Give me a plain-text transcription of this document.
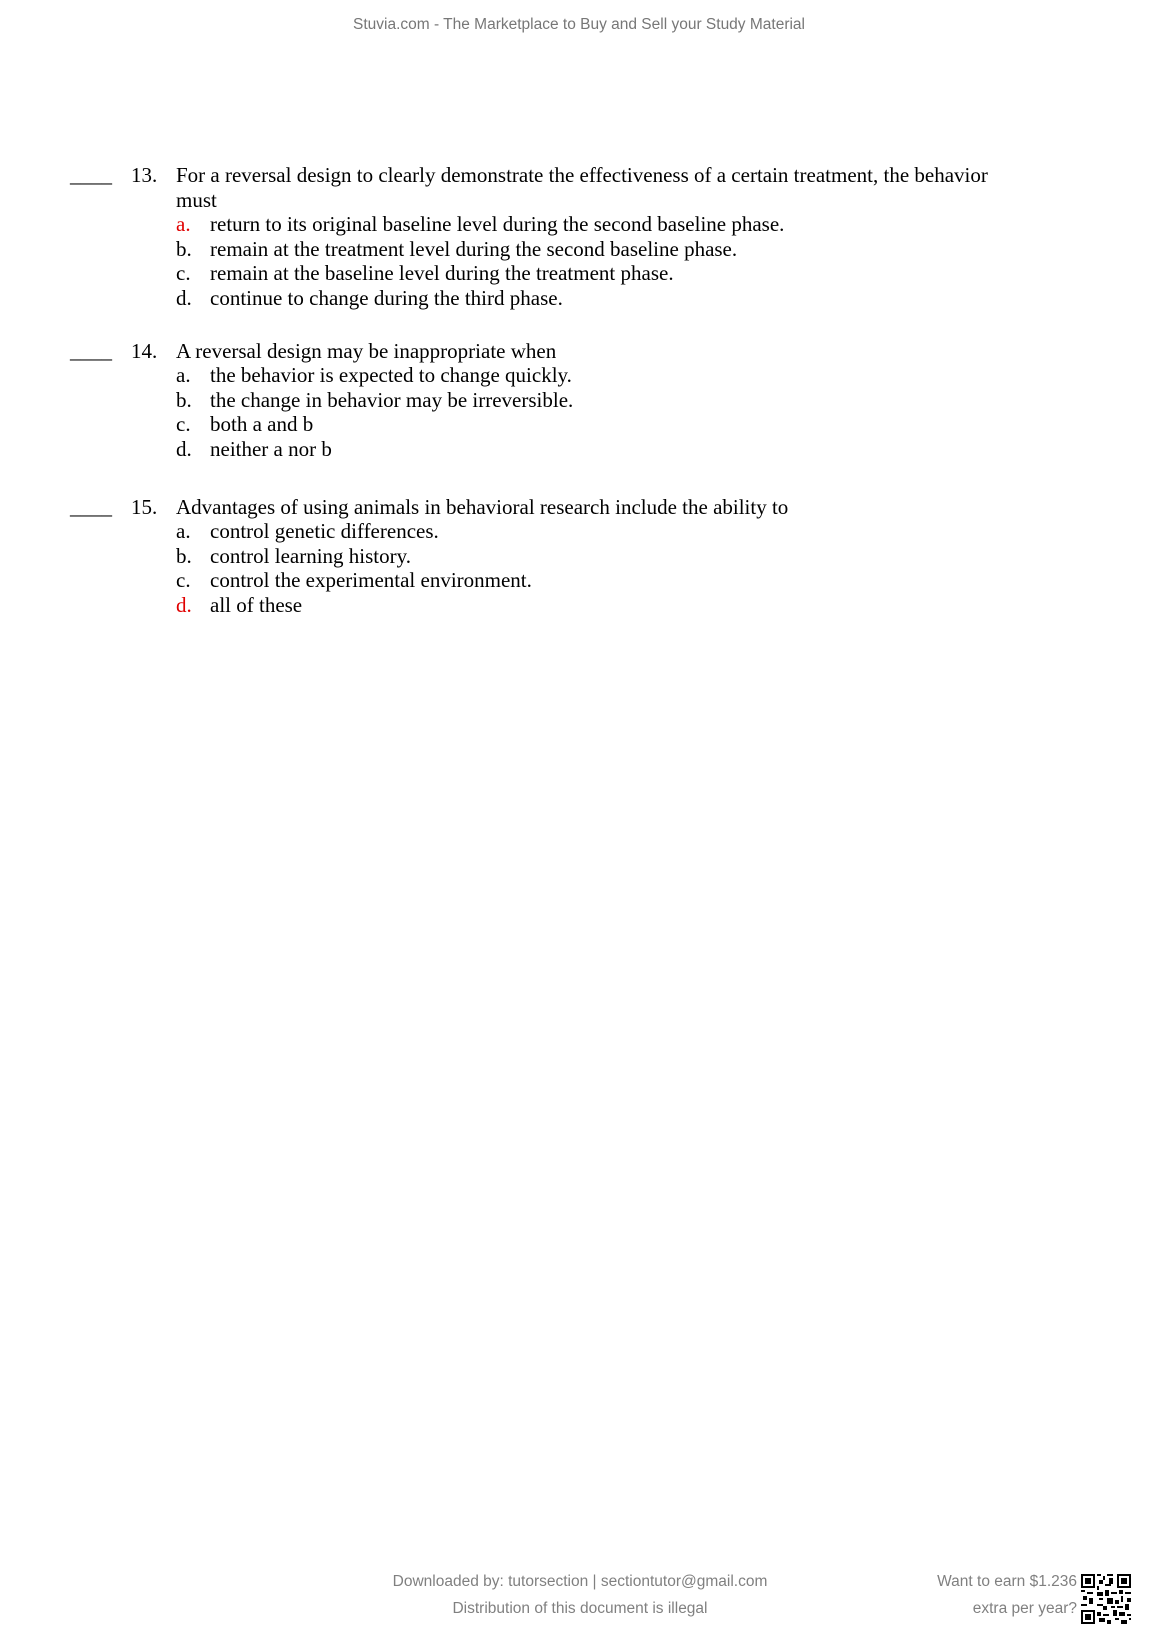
Stuvia.com - The Marketplace to Buy and Sell your Study Material
____ 13. For a reversal design to clearly demonstrate the effectiveness of a certain treatment, the behavior must
a. return to its original baseline level during the second baseline phase.
b. remain at the treatment level during the second baseline phase.
c. remain at the baseline level during the treatment phase.
d. continue to change during the third phase.
____ 14. A reversal design may be inappropriate when
a. the behavior is expected to change quickly.
b. the change in behavior may be irreversible.
c. both a and b
d. neither a nor b
____ 15. Advantages of using animals in behavioral research include the ability to
a. control genetic differences.
b. control learning history.
c. control the experimental environment.
d. all of these
Downloaded by: tutorsection | sectiontutor@gmail.com
Distribution of this document is illegal
Want to earn $1.236
extra per year?
